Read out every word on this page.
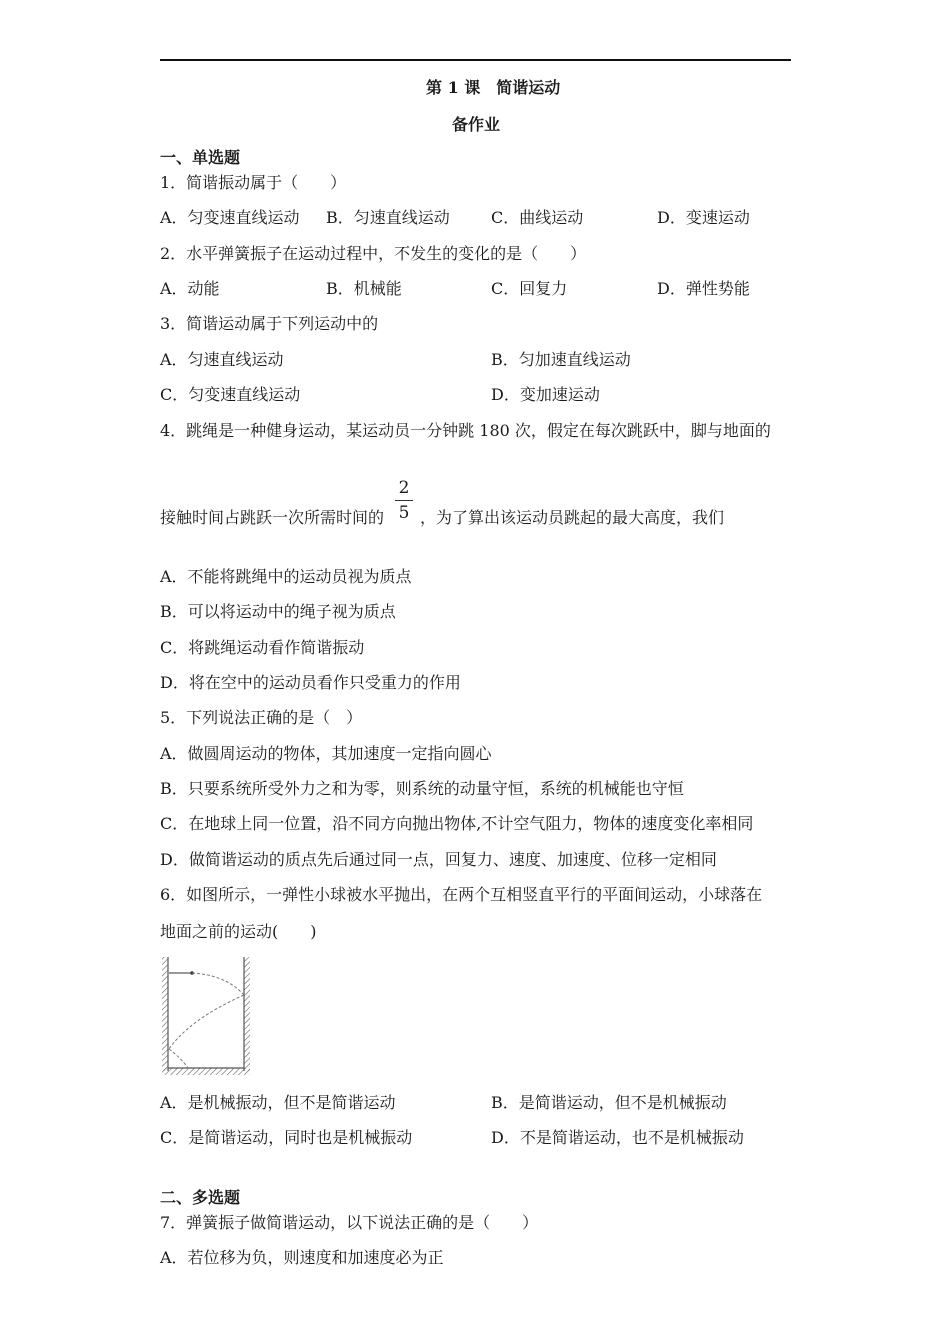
第 1 课　简谐运动
备作业
一、单选题
1．简谐振动属于（　　）
A．匀变速直线运动 B．匀速直线运动	C．曲线运动	D．变速运动
2．水平弹簧振子在运动过程中，不发生的变化的是（　　）
A．动能	B．机械能	C．回复力	D．弹性势能
3．简谐运动属于下列运动中的
A．匀速直线运动	B．匀加速直线运动
C．匀变速直线运动	D．变加速运动
4．跳绳是一种健身运动，某运动员一分钟跳 180 次，假定在每次跳跃中，脚与地面的
接触时间占跳跃一次所需时间的
2
5 ，为了算出该运动员跳起的最大高度，我们
A．不能将跳绳中的运动员视为质点
B．可以将运动中的绳子视为质点
C．将跳绳运动看作简谐振动
D．将在空中的运动员看作只受重力的作用
5．下列说法正确的是（　）
A．做圆周运动的物体，其加速度一定指向圆心
B．只要系统所受外力之和为零，则系统的动量守恒，系统的机械能也守恒
C．在地球上同一位置，沿不同方向抛出物体,不计空气阻力，物体的速度变化率相同
D．做简谐运动的质点先后通过同一点，回复力、速度、加速度、位移一定相同
6．如图所示，一弹性小球被水平抛出，在两个互相竖直平行的平面间运动，小球落在
地面之前的运动(　　)
A．是机械振动，但不是简谐运动	B．是简谐运动，但不是机械振动
C．是简谐运动，同时也是机械振动	D．不是简谐运动，也不是机械振动
二、多选题
7．弹簧振子做简谐运动，以下说法正确的是（　　）
A．若位移为负，则速度和加速度必为正
